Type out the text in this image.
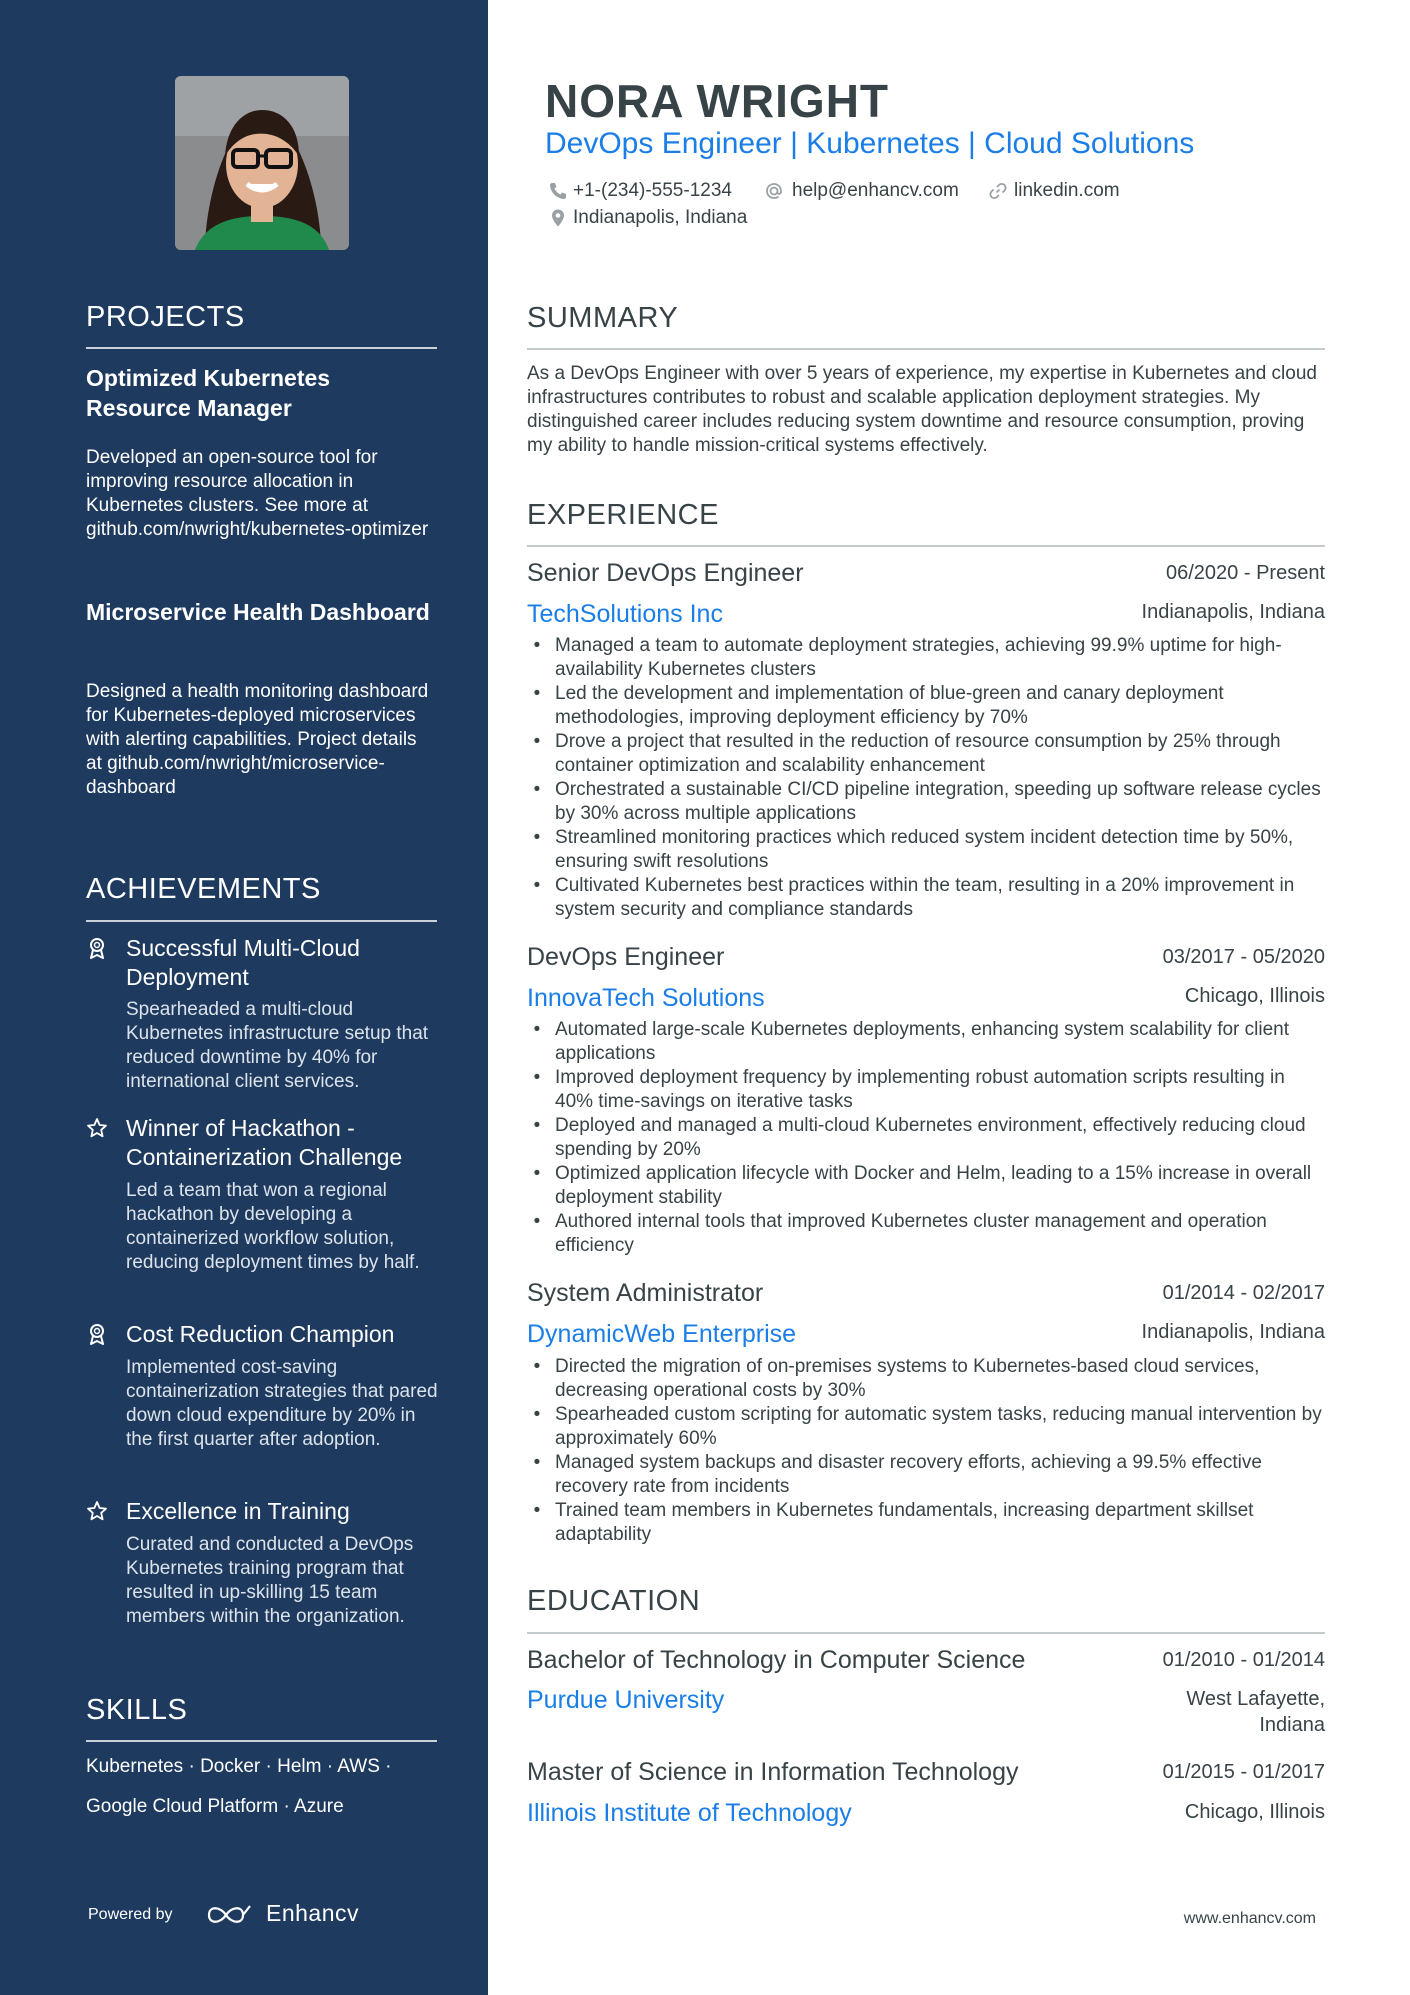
PROJECTS
Optimized Kubernetes Resource Manager
Developed an open-source tool for improving resource allocation in Kubernetes clusters. See more at github.com/nwright/kubernetes-optimizer
Microservice Health Dashboard
Designed a health monitoring dashboard for Kubernetes-deployed microservices with alerting capabilities. Project details at github.com/nwright/microservice-dashboard
ACHIEVEMENTS
Successful Multi-Cloud Deployment
Spearheaded a multi-cloud Kubernetes infrastructure setup that reduced downtime by 40% for international client services.
Winner of Hackathon - Containerization Challenge
Led a team that won a regional hackathon by developing a containerized workflow solution, reducing deployment times by half.
Cost Reduction Champion
Implemented cost-saving containerization strategies that pared down cloud expenditure by 20% in the first quarter after adoption.
Excellence in Training
Curated and conducted a DevOps Kubernetes training program that resulted in up-skilling 15 team members within the organization.
SKILLS
Kubernetes · Docker · Helm · AWS ·
Google Cloud Platform · Azure
Powered by	Enhancv
NORA WRIGHT
DevOps Engineer | Kubernetes | Cloud Solutions
+1-(234)-555-1234	help@enhancv.com	linkedin.com
Indianapolis, Indiana
SUMMARY
As a DevOps Engineer with over 5 years of experience, my expertise in Kubernetes and cloud infrastructures contributes to robust and scalable application deployment strategies. My distinguished career includes reducing system downtime and resource consumption, proving my ability to handle mission-critical systems effectively.
EXPERIENCE
Senior DevOps Engineer	06/2020 - Present
TechSolutions Inc	Indianapolis, Indiana
• Managed a team to automate deployment strategies, achieving 99.9% uptime for high-availability Kubernetes clusters
• Led the development and implementation of blue-green and canary deployment methodologies, improving deployment efficiency by 70%
• Drove a project that resulted in the reduction of resource consumption by 25% through container optimization and scalability enhancement
• Orchestrated a sustainable CI/CD pipeline integration, speeding up software release cycles by 30% across multiple applications
• Streamlined monitoring practices which reduced system incident detection time by 50%, ensuring swift resolutions
• Cultivated Kubernetes best practices within the team, resulting in a 20% improvement in system security and compliance standards
DevOps Engineer	03/2017 - 05/2020
InnovaTech Solutions	Chicago, Illinois
• Automated large-scale Kubernetes deployments, enhancing system scalability for client applications
• Improved deployment frequency by implementing robust automation scripts resulting in 40% time-savings on iterative tasks
• Deployed and managed a multi-cloud Kubernetes environment, effectively reducing cloud spending by 20%
• Optimized application lifecycle with Docker and Helm, leading to a 15% increase in overall deployment stability
• Authored internal tools that improved Kubernetes cluster management and operation efficiency
System Administrator	01/2014 - 02/2017
DynamicWeb Enterprise	Indianapolis, Indiana
• Directed the migration of on-premises systems to Kubernetes-based cloud services, decreasing operational costs by 30%
• Spearheaded custom scripting for automatic system tasks, reducing manual intervention by approximately 60%
• Managed system backups and disaster recovery efforts, achieving a 99.5% effective recovery rate from incidents
• Trained team members in Kubernetes fundamentals, increasing department skillset adaptability
EDUCATION
Bachelor of Technology in Computer Science	01/2010 - 01/2014
Purdue University	West Lafayette,
Indiana
Master of Science in Information Technology	01/2015 - 01/2017
Illinois Institute of Technology	Chicago, Illinois
www.enhancv.com
